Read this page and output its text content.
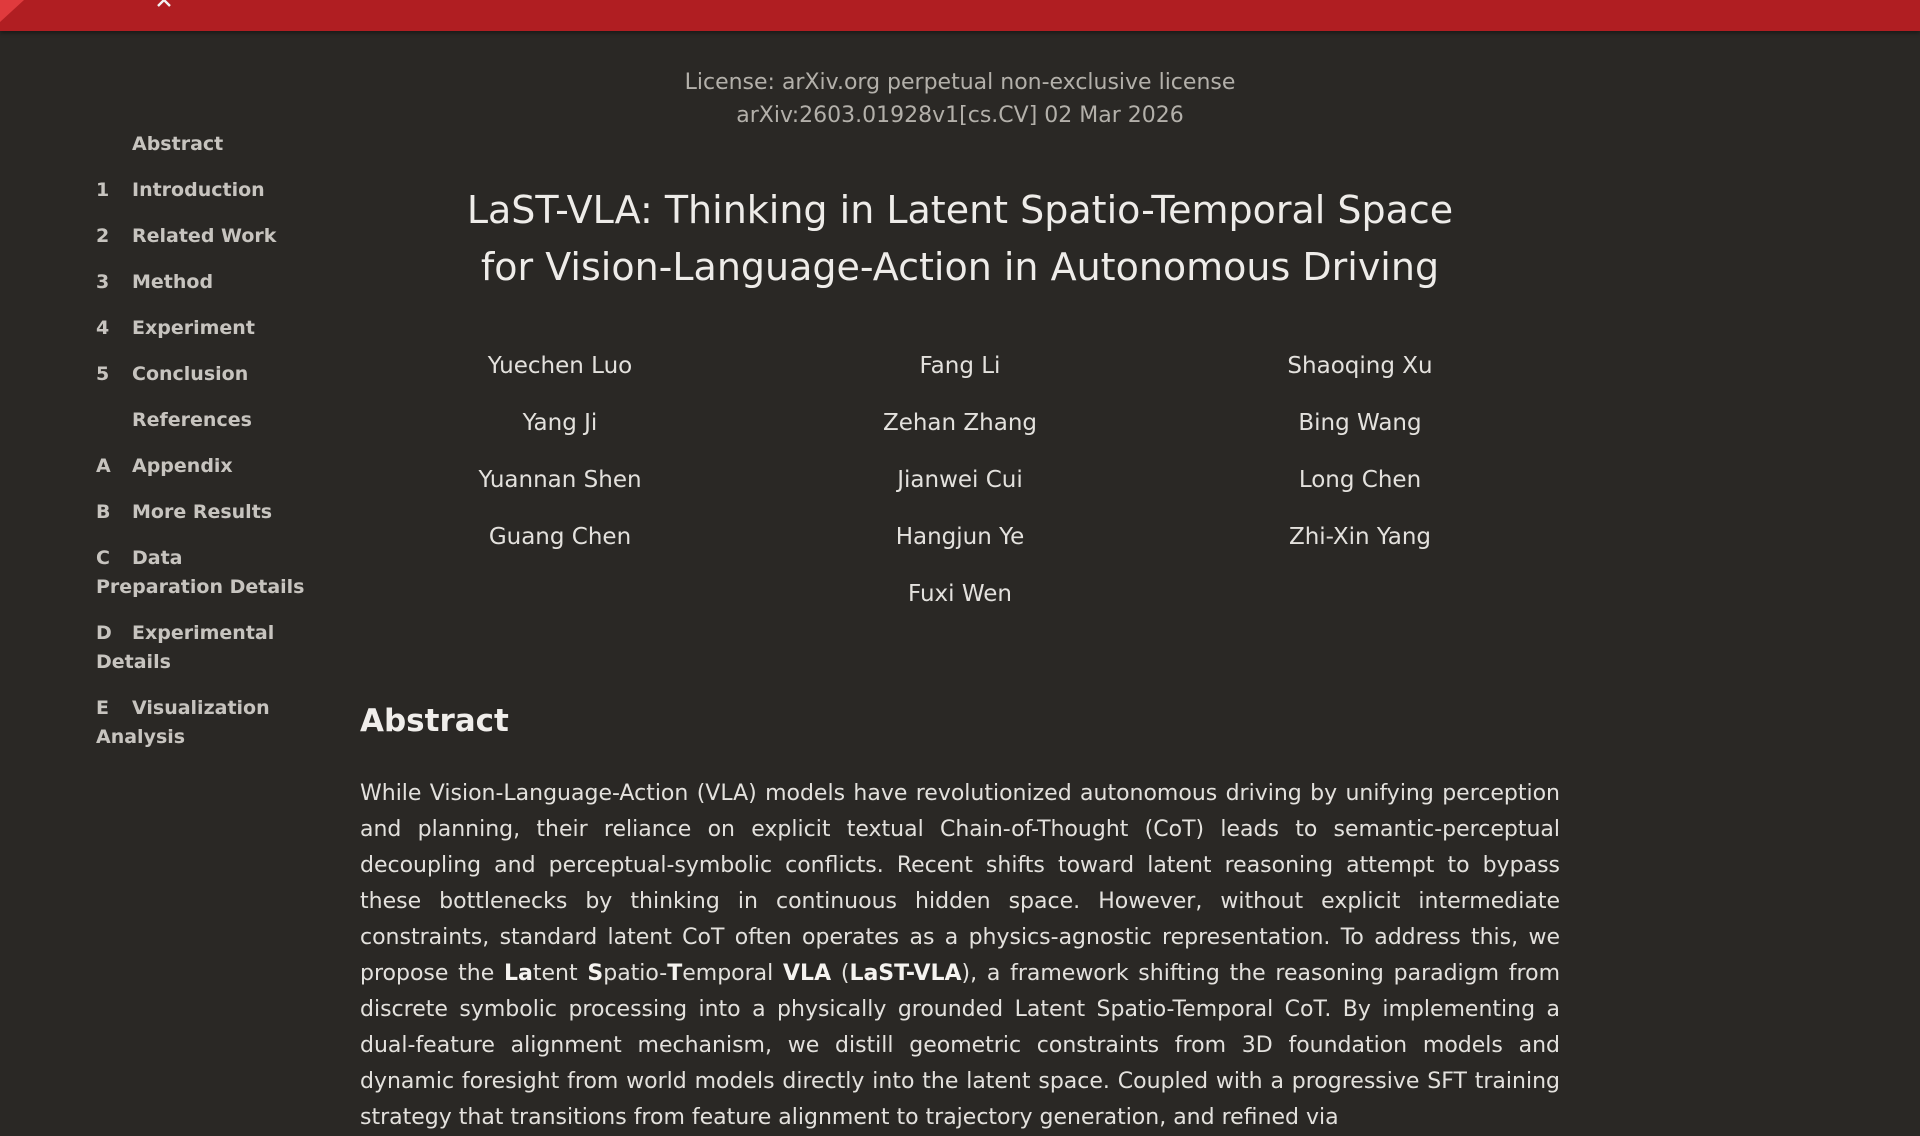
Abstract
1 Introduction
2 Related Work
3 Method
4 Experiment
5 Conclusion
References
A Appendix
B More Results
C Data Preparation Details
D Experimental Details
E Visualization Analysis
License: arXiv.org perpetual non-exclusive license
arXiv:2603.01928v1[cs.CV] 02 Mar 2026
LaST-VLA: Thinking in Latent Spatio-Temporal Space
for Vision-Language-Action in Autonomous Driving
Yuechen Luo	Fang Li	Shaoqing Xu
Yang Ji	Zehan Zhang	Bing Wang
Yuannan Shen	Jianwei Cui	Long Chen
Guang Chen	Hangjun Ye	Zhi-Xin Yang
Fuxi Wen
Abstract

While Vision-Language-Action (VLA) models have revolutionized autonomous driving by unifying perception and planning, their reliance on explicit textual Chain-of-Thought (CoT) leads to semantic-perceptual decoupling and perceptual-symbolic conflicts. Recent shifts toward latent reasoning attempt to bypass these bottlenecks by thinking in continuous hidden space. However, without explicit intermediate constraints, standard latent CoT often operates as a physics-agnostic representation. To address this, we propose the Latent Spatio-Temporal VLA (LaST-VLA), a framework shifting the reasoning paradigm from discrete symbolic processing into a physically grounded Latent Spatio-Temporal CoT. By implementing a dual-feature alignment mechanism, we distill geometric constraints from 3D foundation models and dynamic foresight from world models directly into the latent space. Coupled with a progressive SFT training strategy that transitions from feature alignment to trajectory generation, and refined via
